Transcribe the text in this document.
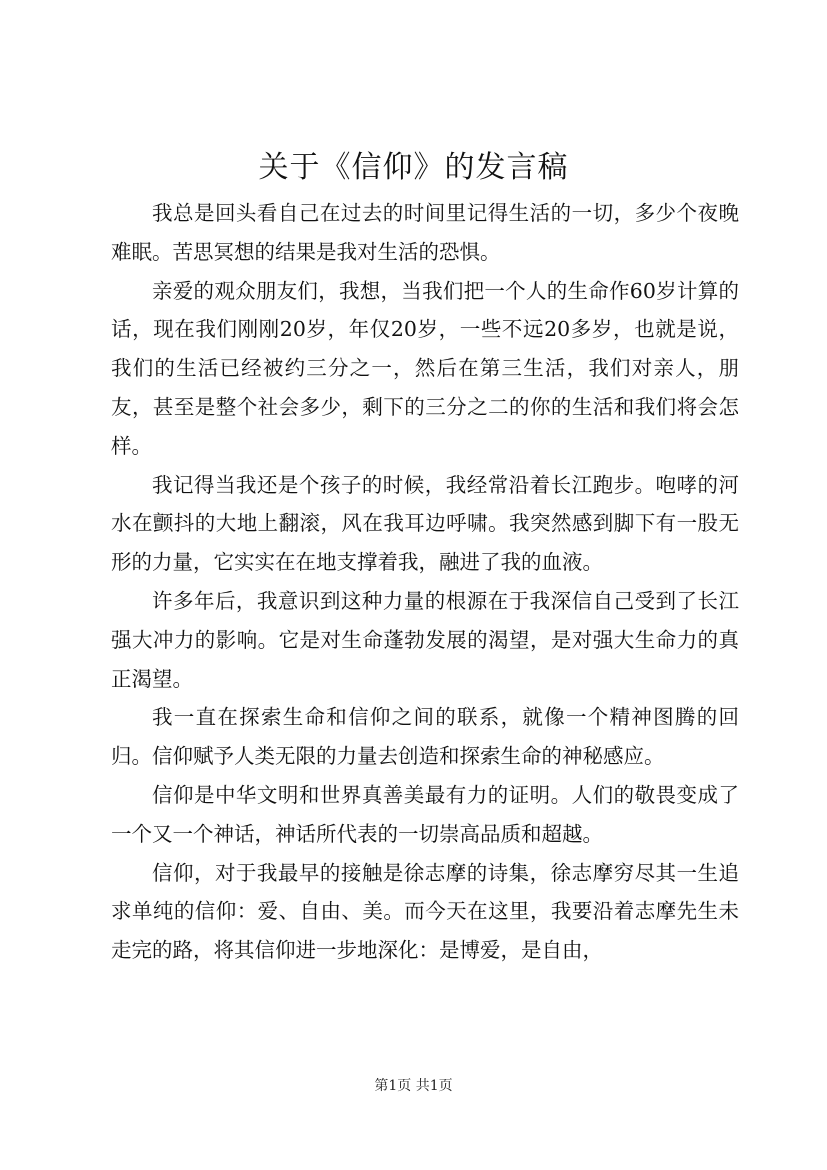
关于《信仰》的发言稿

我总是回头看自己在过去的时间里记得生活的一切，多少个夜晚难眠。苦思冥想的结果是我对生活的恐惧。

亲爱的观众朋友们，我想，当我们把一个人的生命作60岁计算的话，现在我们刚刚20岁，年仅20岁，一些不远20多岁，也就是说，我们的生活已经被约三分之一，然后在第三生活，我们对亲人，朋友，甚至是整个社会多少，剩下的三分之二的你的生活和我们将会怎样。

我记得当我还是个孩子的时候，我经常沿着长江跑步。咆哮的河水在颤抖的大地上翻滚，风在我耳边呼啸。我突然感到脚下有一股无形的力量，它实实在在地支撑着我，融进了我的血液。

许多年后，我意识到这种力量的根源在于我深信自己受到了长江强大冲力的影响。它是对生命蓬勃发展的渴望，是对强大生命力的真正渴望。

我一直在探索生命和信仰之间的联系，就像一个精神图腾的回归。信仰赋予人类无限的力量去创造和探索生命的神秘感应。

信仰是中华文明和世界真善美最有力的证明。人们的敬畏变成了一个又一个神话，神话所代表的一切崇高品质和超越。

信仰，对于我最早的接触是徐志摩的诗集，徐志摩穷尽其一生追求单纯的信仰：爱、自由、美。而今天在这里，我要沿着志摩先生未走完的路，将其信仰进一步地深化：是博爱，是自由，

第1页 共1页
